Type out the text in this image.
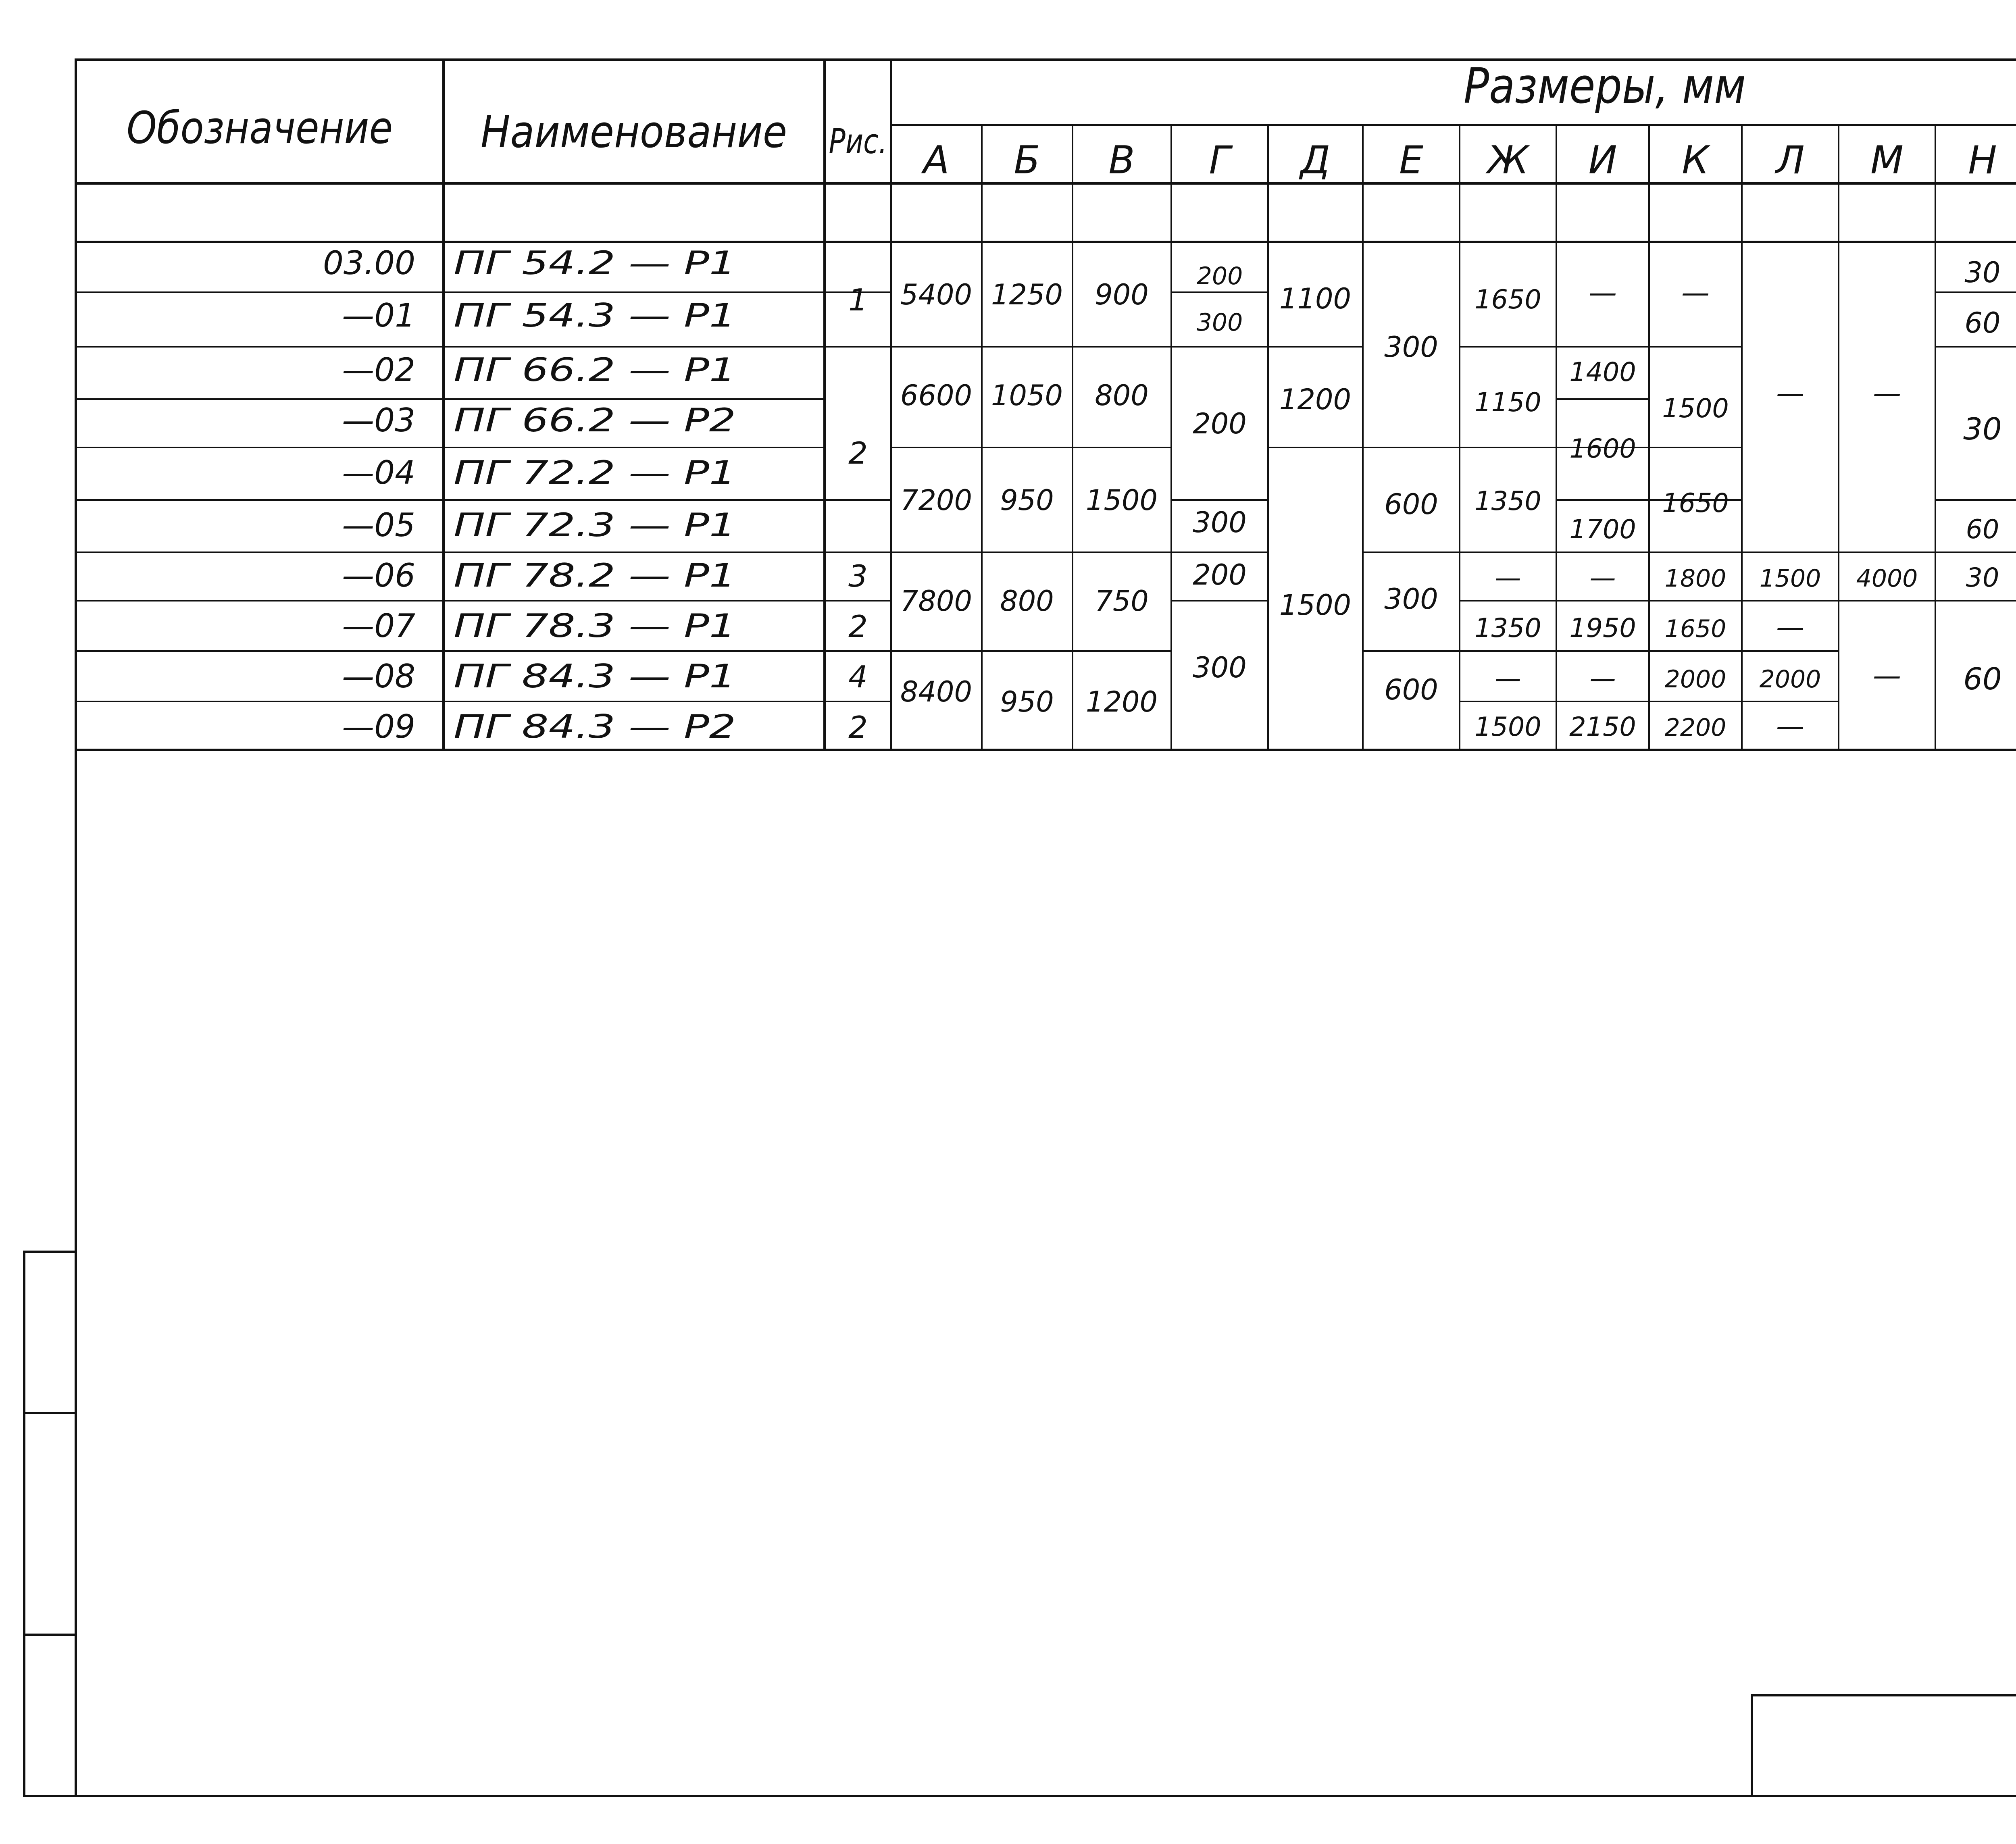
Обозначение Наименование Рис.
Размеры, мм
А Б В Г Д Е Ж И К Л М Н
03.00
—01
—02
—03
—04
—05
—06
—07
—08
—09
ПГ 54.2 — Р1
ПГ 54.3 — Р1
ПГ 66.2 — Р1
ПГ 66.2 — Р2
ПГ 72.2 — Р1
ПГ 72.3 — Р1
ПГ 78.2 — Р1
ПГ 78.3 — Р1
ПГ 84.3 — Р1
ПГ 84.3 — Р2
1
2
3
2
4
2
5400
6600
7200
7800
8400
1250
1050
950
800
950
900
800
1500
750
1200
200
300
200
300
200
300
1100
1200
1500
300
600
300
600
1650
1150
1350
—
1350
—
1500
—
1400
1600
1700
—
1950
—
2150
—
1500
1650
1800
1650
2000
2200
—
1500
—
2000
—
—
4000
—
30
60
30
60
30
60
